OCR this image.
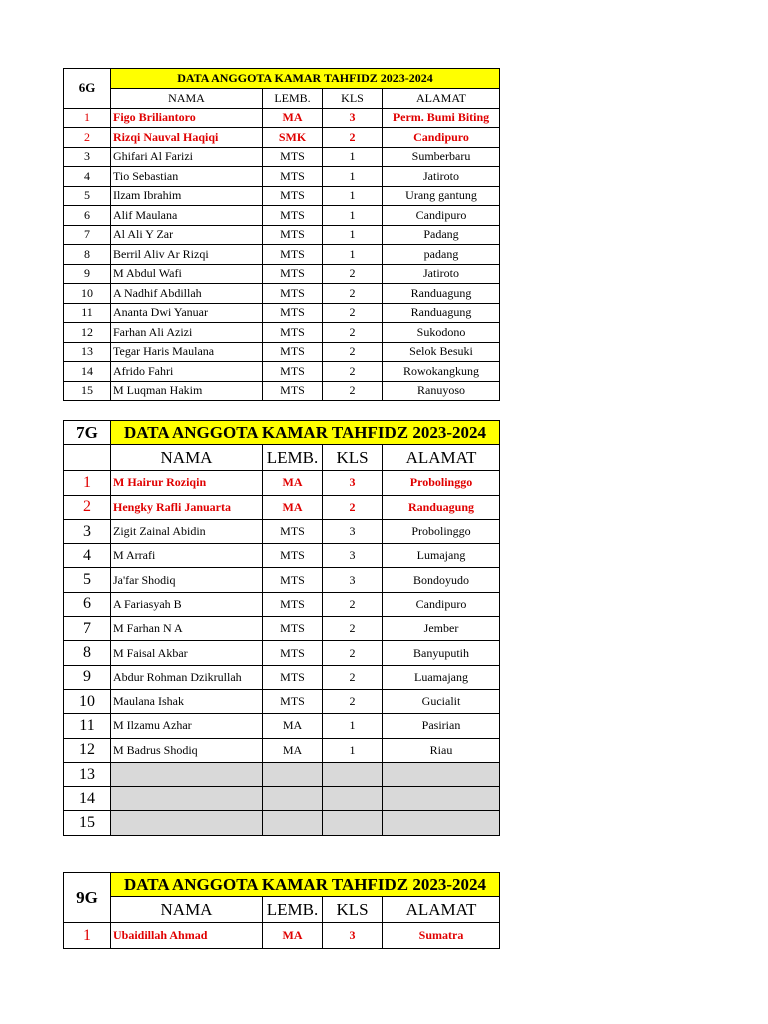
6G	DATA ANGGOTA KAMAR TAHFIDZ 2023-2024			
	NAMA	LEMB.	KLS	ALAMAT
1	Figo Briliantoro	MA	3	Perm. Bumi Biting
2	Rizqi Nauval Haqiqi	SMK	2	Candipuro
3	Ghifari Al Farizi	MTS	1	Sumberbaru
4	Tio Sebastian	MTS	1	Jatiroto
5	Ilzam Ibrahim	MTS	1	Urang gantung
6	Alif Maulana	MTS	1	Candipuro
7	Al Ali Y Zar	MTS	1	Padang
8	Berril Aliv Ar Rizqi	MTS	1	padang
9	M Abdul Wafi	MTS	2	Jatiroto
10	A Nadhif Abdillah	MTS	2	Randuagung
11	Ananta Dwi Yanuar	MTS	2	Randuagung
12	Farhan Ali Azizi	MTS	2	Sukodono
13	Tegar Haris Maulana	MTS	2	Selok Besuki
14	Afrido Fahri	MTS	2	Rowokangkung
15	M Luqman Hakim	MTS	2	Ranuyoso
7G	DATA ANGGOTA KAMAR TAHFIDZ 2023-2024			
	NAMA	LEMB.	KLS	ALAMAT
1	M Hairur Roziqin	MA	3	Probolinggo
2	Hengky Rafli Januarta	MA	2	Randuagung
3	Zigit Zainal Abidin	MTS	3	Probolinggo
4	M Arrafi	MTS	3	Lumajang
5	Ja'far Shodiq	MTS	3	Bondoyudo
6	A Fariasyah B	MTS	2	Candipuro
7	M Farhan N A	MTS	2	Jember
8	M Faisal Akbar	MTS	2	Banyuputih
9	Abdur Rohman Dzikrullah	MTS	2	Luamajang
10	Maulana Ishak	MTS	2	Gucialit
11	M Ilzamu Azhar	MA	1	Pasirian
12	M Badrus Shodiq	MA	1	Riau
13				
14				
15				
9G	DATA ANGGOTA KAMAR TAHFIDZ 2023-2024			
	NAMA	LEMB.	KLS	ALAMAT
1	Ubaidillah Ahmad	MA	3	Sumatra
